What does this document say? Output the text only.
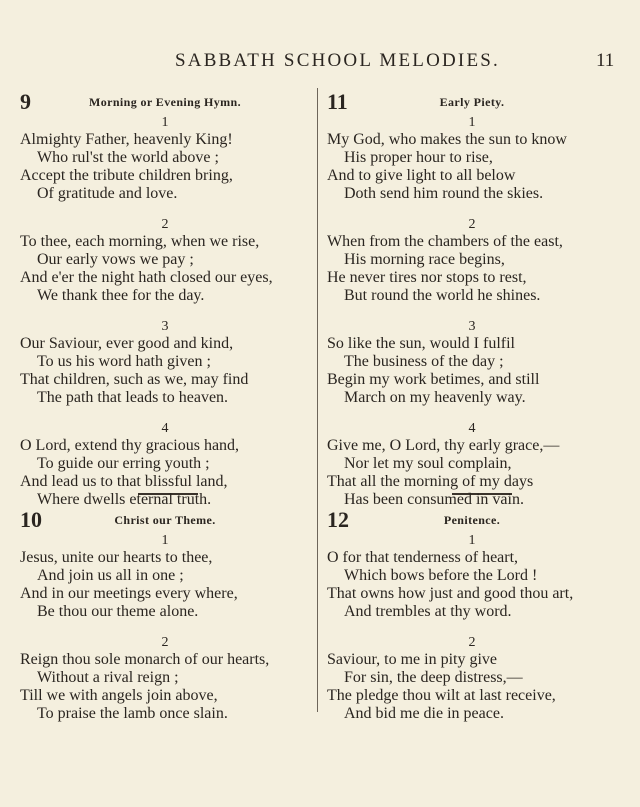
SABBATH SCHOOL MELODIES.	11
9	Morning or Evening Hymn.
1
Almighty Father, heavenly King!
Who rul'st the world above ;
Accept the tribute children bring,
Of gratitude and love.
2
To thee, each morning, when we rise,
Our early vows we pay ;
And e'er the night hath closed our eyes,
We thank thee for the day.
3
Our Saviour, ever good and kind,
To us his word hath given ;
That children, such as we, may find
The path that leads to heaven.
4
O Lord, extend thy gracious hand,
To guide our erring youth ;
And lead us to that blissful land,
Where dwells eternal truth.
10	Christ our Theme.
1
Jesus, unite our hearts to thee,
And join us all in one ;
And in our meetings every where,
Be thou our theme alone.
2
Reign thou sole monarch of our hearts,
Without a rival reign ;
Till we with angels join above,
To praise the lamb once slain.
11	Early Piety.
1
My God, who makes the sun to know
His proper hour to rise,
And to give light to all below
Doth send him round the skies.
2
When from the chambers of the east,
His morning race begins,
He never tires nor stops to rest,
But round the world he shines.
3
So like the sun, would I fulfil
The business of the day ;
Begin my work betimes, and still
March on my heavenly way.
4
Give me, O Lord, thy early grace,—
Nor let my soul complain,
That all the morning of my days
Has been consumed in vain.
12	Penitence.
1
O for that tenderness of heart,
Which bows before the Lord !
That owns how just and good thou art,
And trembles at thy word.
2
Saviour, to me in pity give
For sin, the deep distress,—
The pledge thou wilt at last receive,
And bid me die in peace.
